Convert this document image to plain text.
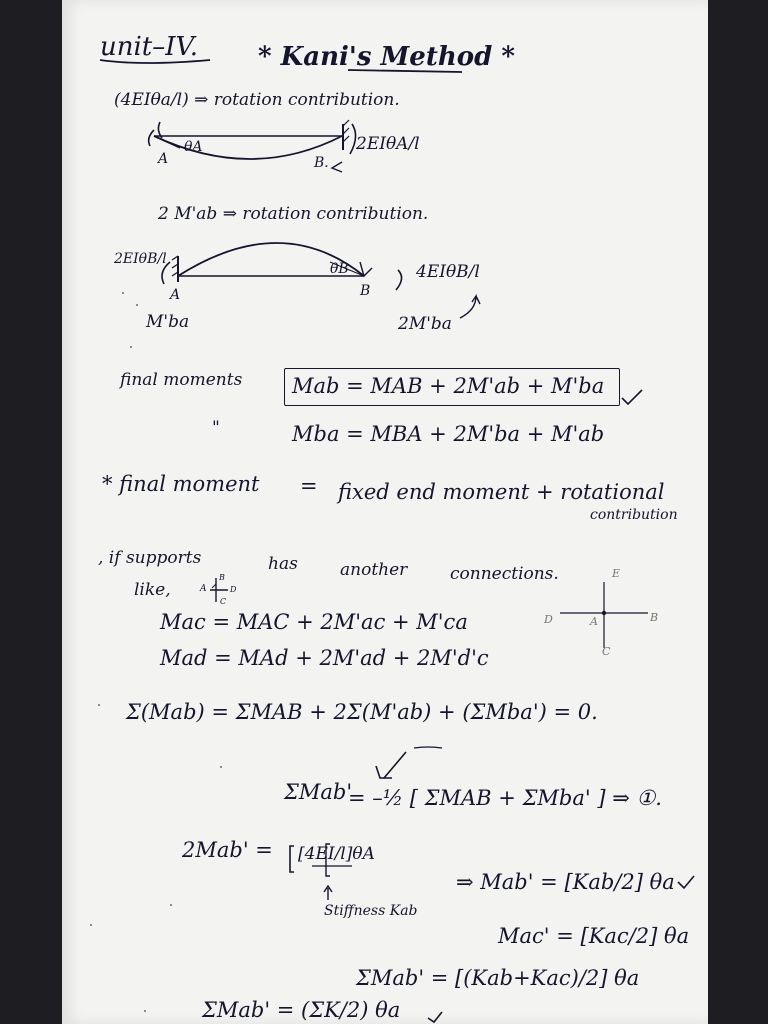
unit–IV. * Kani's Method *
(4EIθa/l) ⇒ rotation contribution.
θA
A	B.
2EIθA/l
2 M'ab ⇒ rotation contribution.
2EIθB/l
θB
A	B
4EIθB/l
M'ba	2M'ba
final moments Mab = MAB + 2M'ab + M'ba
"	Mba = MBA + 2M'ba + M'ab
* final moment = fixed end moment + rotational
contribution
, if supports	has another	connections.
like,	A
B
C
D
Mac = MAC + 2M'ac + M'ca
Mad = MAd + 2M'ad + 2M'd'c
E
D	A	B
C
Σ(Mab) = ΣMAB + 2Σ(M'ab) + (ΣMba') = 0.
ΣMab'
= –½ [ ΣMAB + ΣMba' ] ⇒ ①.
2Mab' = [4EI/l]θA
Stiffness Kab
⇒ Mab' = [Kab/2] θa
Mac' = [Kac/2] θa
ΣMab' = [(Kab+Kac)/2] θa
ΣMab' = (ΣK/2) θa
